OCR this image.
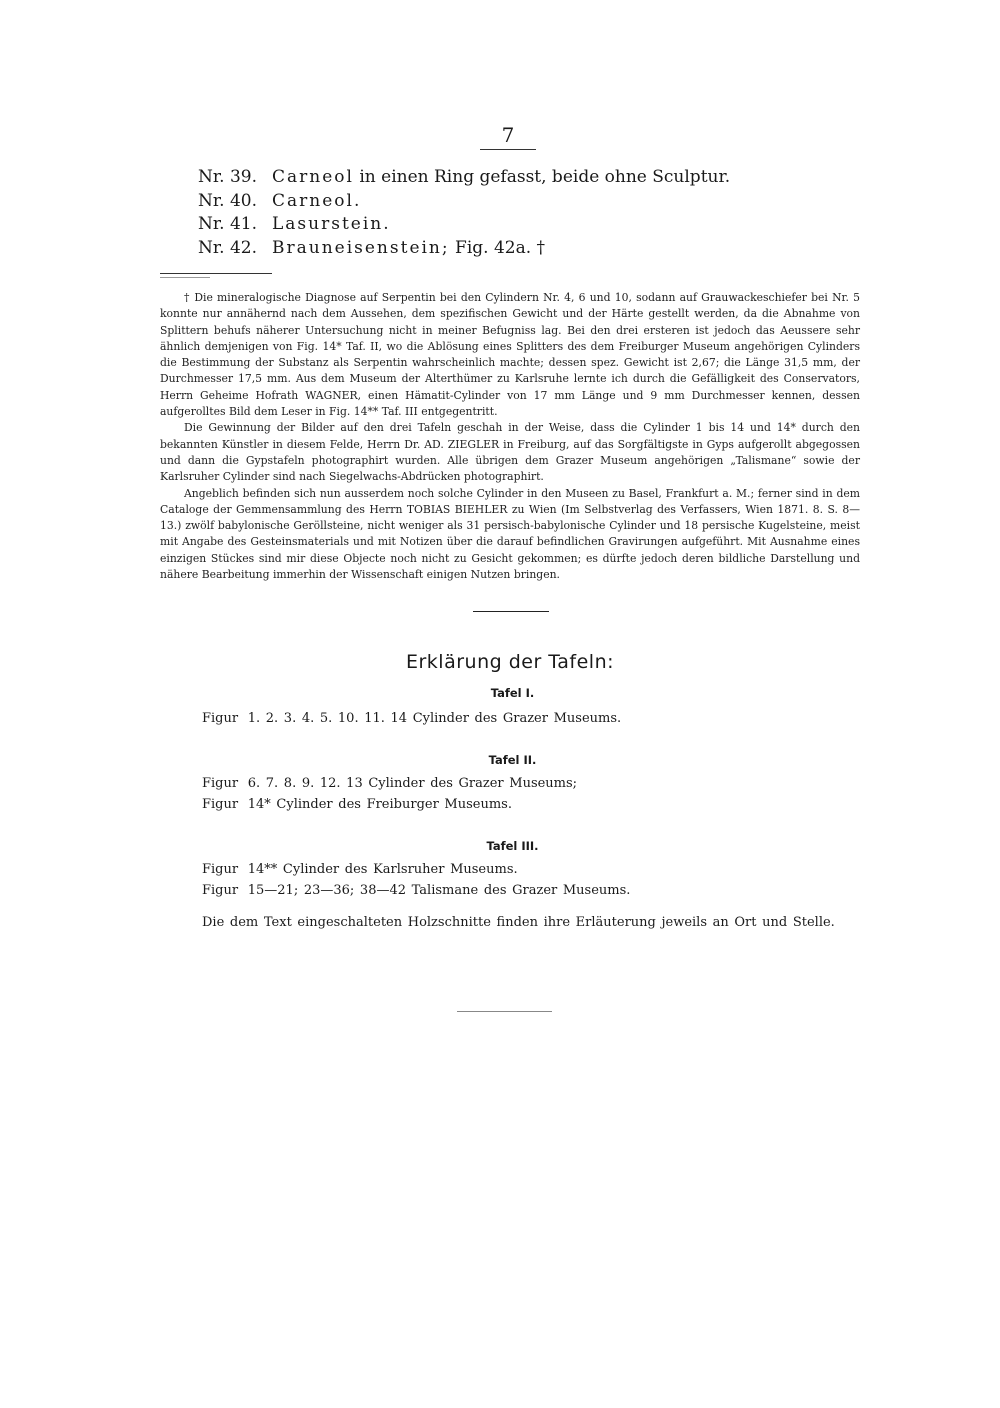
7
Nr. 39. Carneol in einen Ring gefasst, beide ohne Sculptur.
Nr. 40. Carneol.
Nr. 41. Lasurstein.
Nr. 42. Brauneisenstein; Fig. 42a. †

† Die mineralogische Diagnose auf Serpentin bei den Cylindern Nr. 4, 6 und 10, sodann auf Grauwackeschiefer bei Nr. 5 konnte nur annähernd nach dem Aussehen, dem spezifischen Gewicht und der Härte gestellt werden, da die Abnahme von Splittern behufs näherer Untersuchung nicht in meiner Befugniss lag. Bei den drei ersteren ist jedoch das Aeussere sehr ähnlich demjenigen von Fig. 14* Taf. II, wo die Ablösung eines Splitters des dem Freiburger Museum angehörigen Cylinders die Bestimmung der Substanz als Serpentin wahrscheinlich machte; dessen spez. Gewicht ist 2,67; die Länge 31,5 mm, der Durchmesser 17,5 mm. Aus dem Museum der Alterthümer zu Karlsruhe lernte ich durch die Gefälligkeit des Conservators, Herrn Geheime Hofrath WAGNER, einen Hämatit-Cylinder von 17 mm Länge und 9 mm Durchmesser kennen, dessen aufgerolltes Bild dem Leser in Fig. 14** Taf. III entgegentritt.

Die Gewinnung der Bilder auf den drei Tafeln geschah in der Weise, dass die Cylinder 1 bis 14 und 14* durch den bekannten Künstler in diesem Felde, Herrn Dr. AD. ZIEGLER in Freiburg, auf das Sorgfältigste in Gyps aufgerollt abgegossen und dann die Gypstafeln photographirt wurden. Alle übrigen dem Grazer Museum angehörigen „Talismane“ sowie der Karlsruher Cylinder sind nach Siegelwachs-Abdrücken photographirt.

Angeblich befinden sich nun ausserdem noch solche Cylinder in den Museen zu Basel, Frankfurt a. M.; ferner sind in dem Cataloge der Gemmensammlung des Herrn TOBIAS BIEHLER zu Wien (Im Selbstverlag des Verfassers, Wien 1871. 8. S. 8—13.) zwölf babylonische Geröllsteine, nicht weniger als 31 persisch-babylonische Cylinder und 18 persische Kugelsteine, meist mit Angabe des Gesteinsmaterials und mit Notizen über die darauf befindlichen Gravirungen aufgeführt. Mit Ausnahme eines einzigen Stückes sind mir diese Objecte noch nicht zu Gesicht gekommen; es dürfte jedoch deren bildliche Darstellung und nähere Bearbeitung immerhin der Wissenschaft einigen Nutzen bringen.

Erklärung der Tafeln:
Tafel I.
Figur 1. 2. 3. 4. 5. 10. 11. 14 Cylinder des Grazer Museums.
Tafel II.
Figur 6. 7. 8. 9. 12. 13 Cylinder des Grazer Museums;
Figur 14* Cylinder des Freiburger Museums.
Tafel III.
Figur 14** Cylinder des Karlsruher Museums.
Figur 15—21; 23—36; 38—42 Talismane des Grazer Museums.
Die dem Text eingeschalteten Holzschnitte finden ihre Erläuterung jeweils an Ort und Stelle.
